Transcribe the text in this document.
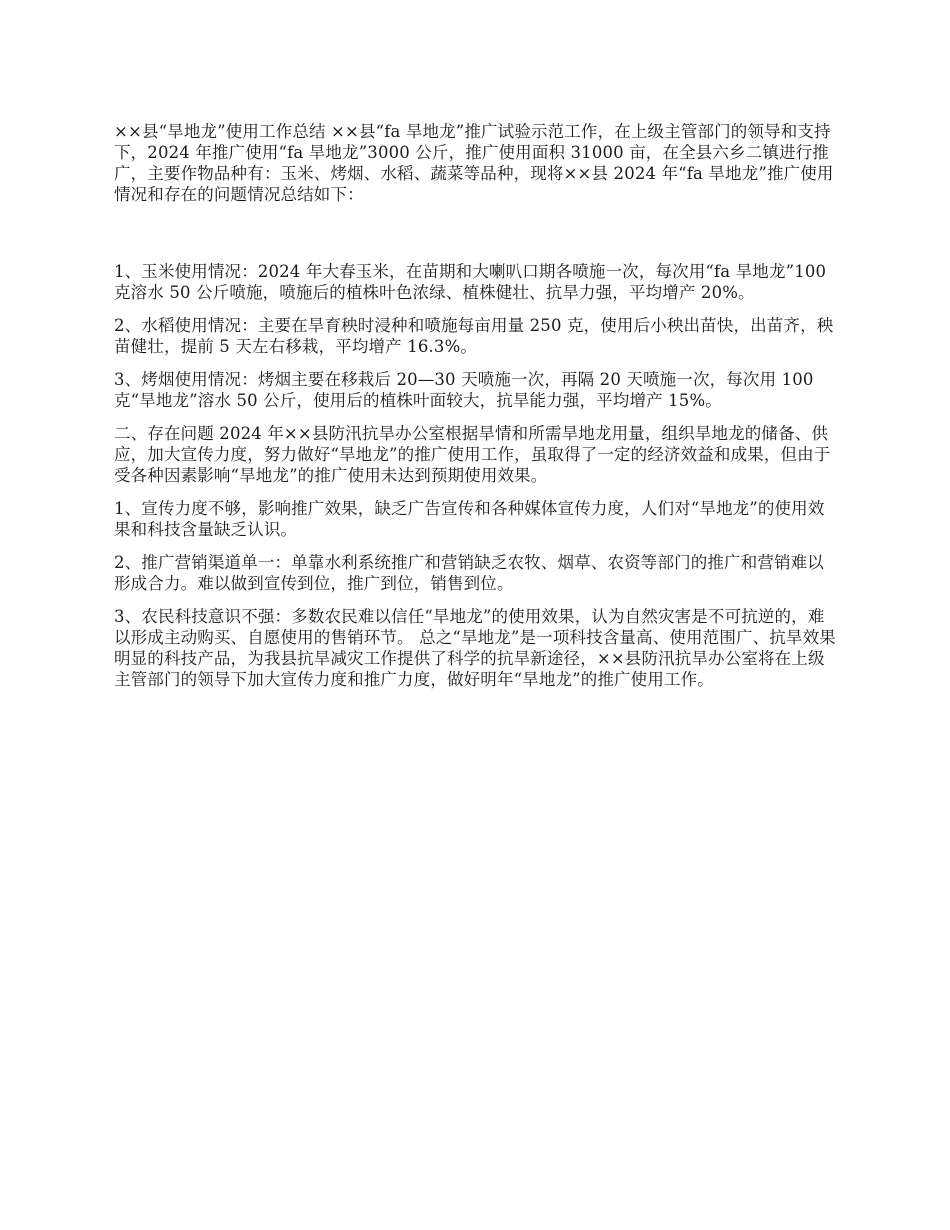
××县“旱地龙”使用工作总结 ××县“fa 旱地龙”推广试验示范工作，在上级主管部门的领导和支持下，2024 年推广使用“fa 旱地龙”3000 公斤，推广使用面积 31000 亩，在全县六乡二镇进行推广，主要作物品种有：玉米、烤烟、水稻、蔬菜等品种，现将××县 2024 年“fa 旱地龙”推广使用情况和存在的问题情况总结如下：

1、玉米使用情况：2024 年大春玉米，在苗期和大喇叭口期各喷施一次，每次用“fa 旱地龙”100 克溶水 50 公斤喷施，喷施后的植株叶色浓绿、植株健壮、抗旱力强，平均增产 20%。

2、水稻使用情况：主要在旱育秧时浸种和喷施每亩用量 250 克，使用后小秧出苗快，出苗齐，秧苗健壮，提前 5 天左右移栽，平均增产 16.3%。

3、烤烟使用情况：烤烟主要在移栽后 20—30 天喷施一次，再隔 20 天喷施一次，每次用 100 克“旱地龙”溶水 50 公斤，使用后的植株叶面较大，抗旱能力强，平均增产 15%。

二、存在问题 2024 年××县防汛抗旱办公室根据旱情和所需旱地龙用量，组织旱地龙的储备、供应，加大宣传力度，努力做好“旱地龙”的推广使用工作，虽取得了一定的经济效益和成果，但由于受各种因素影响“旱地龙”的推广使用未达到预期使用效果。

1、宣传力度不够，影响推广效果，缺乏广告宣传和各种媒体宣传力度，人们对“旱地龙”的使用效果和科技含量缺乏认识。

2、推广营销渠道单一：单靠水利系统推广和营销缺乏农牧、烟草、农资等部门的推广和营销难以形成合力。难以做到宣传到位，推广到位，销售到位。

3、农民科技意识不强：多数农民难以信任“旱地龙”的使用效果，认为自然灾害是不可抗逆的，难以形成主动购买、自愿使用的售销环节。 总之“旱地龙”是一项科技含量高、使用范围广、抗旱效果明显的科技产品，为我县抗旱减灾工作提供了科学的抗旱新途径，××县防汛抗旱办公室将在上级主管部门的领导下加大宣传力度和推广力度，做好明年“旱地龙”的推广使用工作。
